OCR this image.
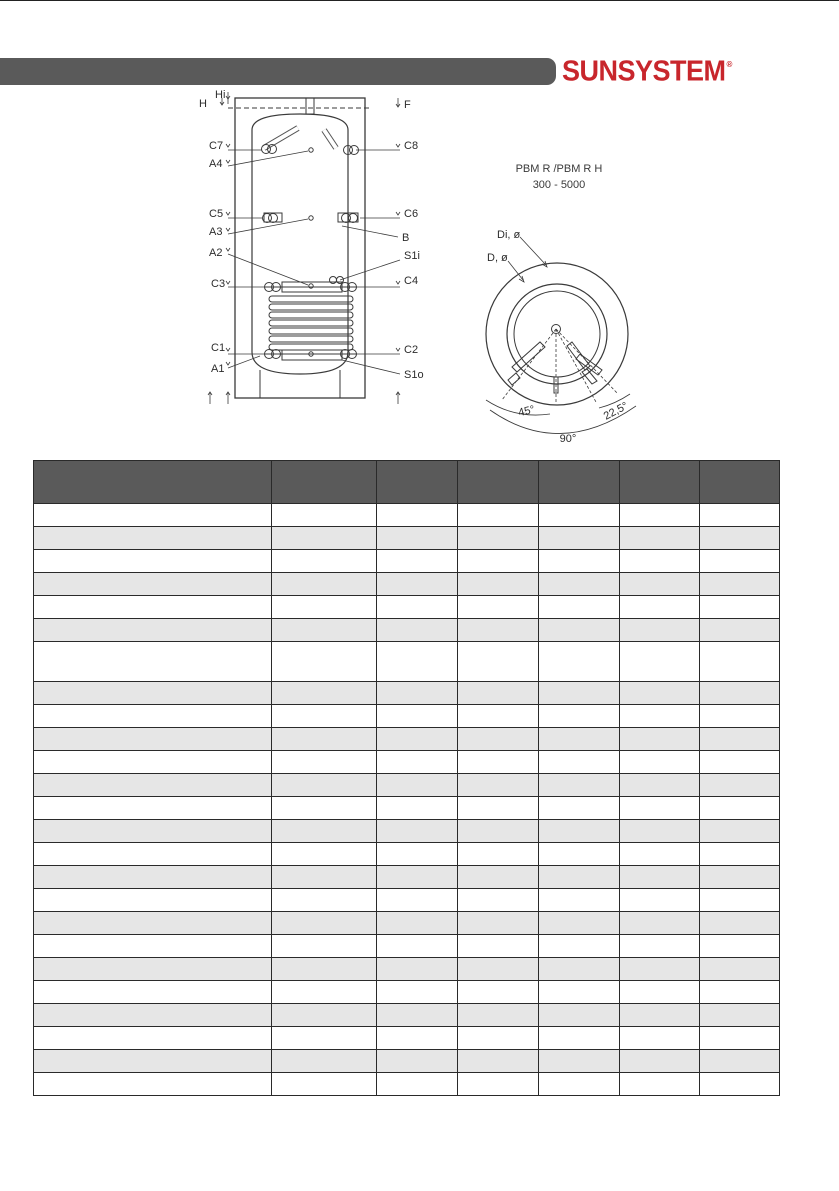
SUNSYSTEM®
Hi
H	F
C7	C8
A4
C5	C6
A3	B
A2	S1i
C3	C4
C1	C2
A1	S1o
PBM R /PBM R H
300 - 5000
Di, ø
D, ø
45°	22,5°
90°
